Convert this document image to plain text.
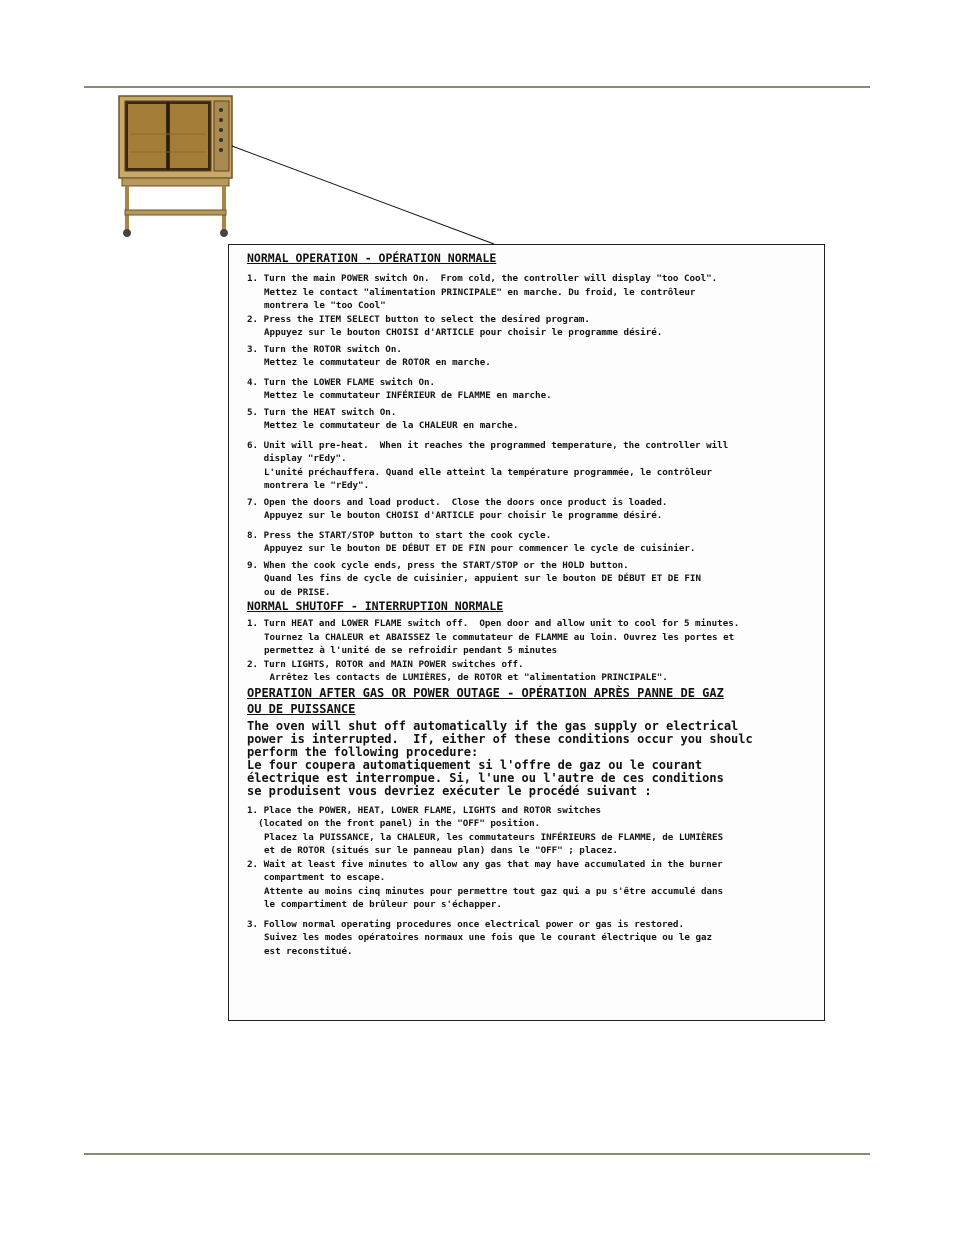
NORMAL OPERATION - OPÉRATION NORMALE

1. Turn the main POWER switch On.  From cold, the controller will display "too Cool".
Mettez le contact "alimentation PRINCIPALE" en marche. Du froid, le contrôleur
montrera le "too Cool"

2. Press the ITEM SELECT button to select the desired program.
Appuyez sur le bouton CHOISI d'ARTICLE pour choisir le programme désiré.

3. Turn the ROTOR switch On.
Mettez le commutateur de ROTOR en marche.

4. Turn the LOWER FLAME switch On.
Mettez le commutateur INFÉRIEUR de FLAMME en marche.

5. Turn the HEAT switch On.
Mettez le commutateur de la CHALEUR en marche.

6. Unit will pre-heat.  When it reaches the programmed temperature, the controller will
display "rEdy".
L'unité préchauffera. Quand elle atteint la température programmée, le contrôleur
montrera le "rEdy".

7. Open the doors and load product.  Close the doors once product is loaded.
Appuyez sur le bouton CHOISI d'ARTICLE pour choisir le programme désiré.

8. Press the START/STOP button to start the cook cycle.
Appuyez sur le bouton DE DÉBUT ET DE FIN pour commencer le cycle de cuisinier.

9. When the cook cycle ends, press the START/STOP or the HOLD button.
Quand les fins de cycle de cuisinier, appuient sur le bouton DE DÉBUT ET DE FIN
ou de PRISE.

NORMAL SHUTOFF - INTERRUPTION NORMALE

1. Turn HEAT and LOWER FLAME switch off.  Open door and allow unit to cool for 5 minutes.
Tournez la CHALEUR et ABAISSEZ le commutateur de FLAMME au loin. Ouvrez les portes et
permettez à l'unité de se refroidir pendant 5 minutes

2. Turn LIGHTS, ROTOR and MAIN POWER switches off.
Arrêtez les contacts de LUMIÈRES, de ROTOR et "alimentation PRINCIPALE".

OPERATION AFTER GAS OR POWER OUTAGE - OPÉRATION APRÈS PANNE DE GAZ
OU DE PUISSANCE

The oven will shut off automatically if the gas supply or electrical
power is interrupted.  If, either of these conditions occur you shoulc
perform the following procedure:

Le four coupera automatiquement si l'offre de gaz ou le courant
électrique est interrompue. Si, l'une ou l'autre de ces conditions
se produisent vous devriez exécuter le procédé suivant :

1. Place the POWER, HEAT, LOWER FLAME, LIGHTS and ROTOR switches
(located on the front panel) in the "OFF" position.
Placez la PUISSANCE, la CHALEUR, les commutateurs INFÉRIEURS de FLAMME, de LUMIÈRES
et de ROTOR (situés sur le panneau plan) dans le "OFF" ; placez.

2. Wait at least five minutes to allow any gas that may have accumulated in the burner
compartment to escape.
Attente au moins cinq minutes pour permettre tout gaz qui a pu s'être accumulé dans
le compartiment de brûleur pour s'échapper.

3. Follow normal operating procedures once electrical power or gas is restored.
Suivez les modes opératoires normaux une fois que le courant électrique ou le gaz
est reconstitué.
